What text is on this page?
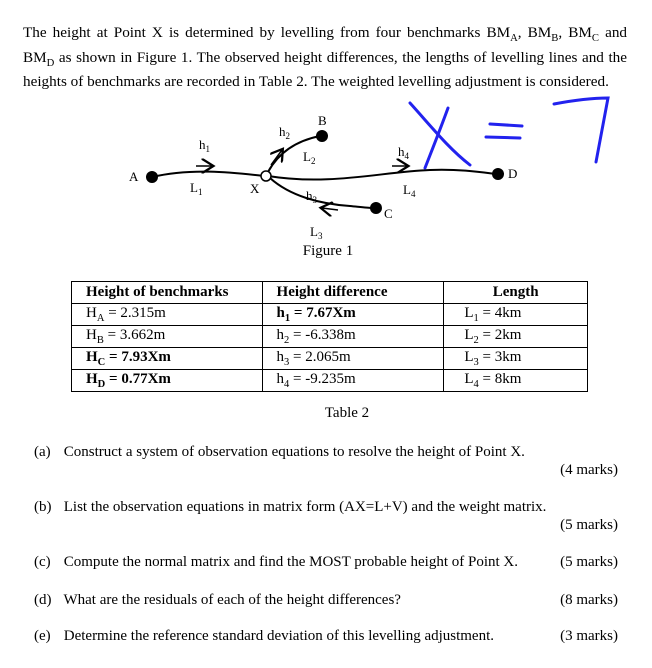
The height at Point X is determined by levelling from four benchmarks $BM_A$, $BM_B$, $BM_C$ and $BM_D$ as shown in Figure 1. The observed height differences, the lengths of levelling lines and the heights of benchmarks are recorded in Table 2. The weighted levelling adjustment is considered.

A
X
B
C
D
$h_1$
$h_2$
$h_3$
$h_4$
$L_1$
$L_2$
$L_3$
$L_4$
Figure 1
Height of benchmarks	Height difference	Length
$H_A = 2.315m$	$h_1 = 7.67Xm$	$L_1 = 4km$
$H_B = 3.662m$	$h_2 = -6.338m$	$L_2 = 2km$
$H_C = 7.93Xm$	$h_3 = 2.065m$	$L_3 = 3km$
$H_D = 0.77Xm$	$h_4 = -9.235m$	$L_4 = 8km$
Table 2
(a) Construct a system of observation equations to resolve the height of Point X.
(4 marks)
(b) List the observation equations in matrix form (AX=L+V) and the weight matrix.
(5 marks)
(c) Compute the normal matrix and find the MOST probable height of Point X.	(5 marks)
(d) What are the residuals of each of the height differences?	(8 marks)
(e) Determine the reference standard deviation of this levelling adjustment.	(3 marks)
